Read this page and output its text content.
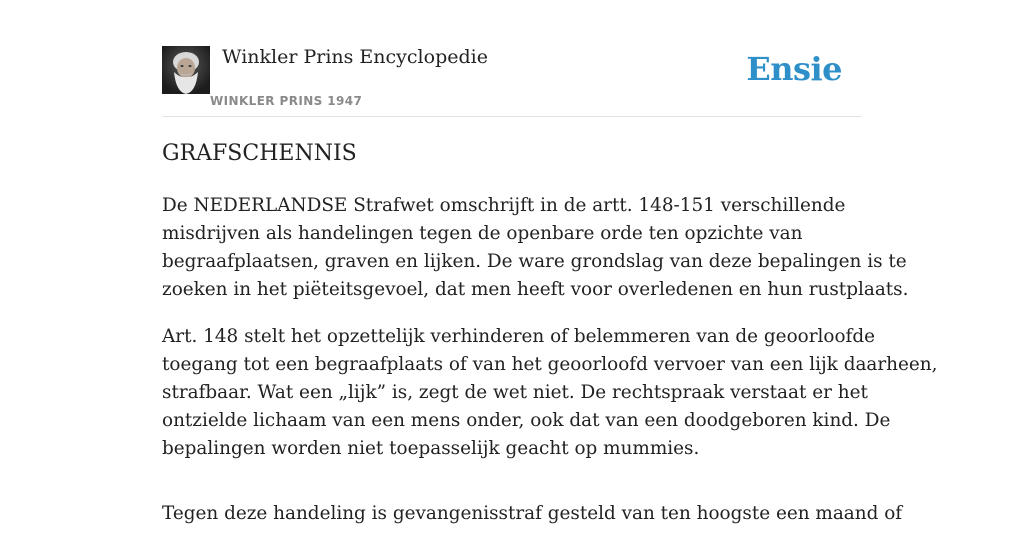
Winkler Prins Encyclopedie
WINKLER PRINS 1947
Ensie
GRAFSCHENNIS

De NEDERLANDSE Strafwet omschrijft in de artt. 148-151 verschillende
misdrijven als handelingen tegen de openbare orde ten opzichte van
begraafplaatsen, graven en lijken. De ware grondslag van deze bepalingen is te
zoeken in het piëteitsgevoel, dat men heeft voor overledenen en hun rustplaats.

Art. 148 stelt het opzettelijk verhinderen of belemmeren van de geoorloofde
toegang tot een begraafplaats of van het geoorloofd vervoer van een lijk daarheen,
strafbaar. Wat een „lijk” is, zegt de wet niet. De rechtspraak verstaat er het
ontzielde lichaam van een mens onder, ook dat van een doodgeboren kind. De
bepalingen worden niet toepasselijk geacht op mummies.

Tegen deze handeling is gevangenisstraf gesteld van ten hoogste een maand of
